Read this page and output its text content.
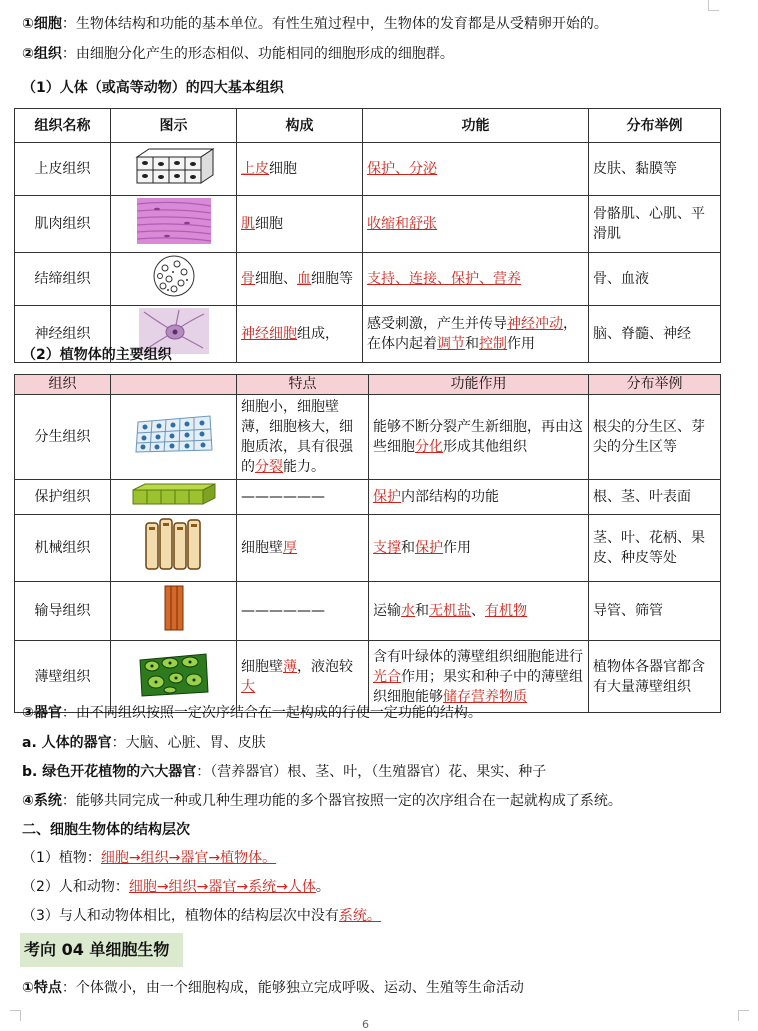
①细胞：生物体结构和功能的基本单位。有性生殖过程中，生物体的发育都是从受精卵开始的。
②组织：由细胞分化产生的形态相似、功能相同的细胞形成的细胞群。
（1）人体（或高等动物）的四大基本组织
组织名称	图示	构成	功能	分布举例
上皮组织		上皮细胞	保护、分泌	皮肤、黏膜等
肌肉组织		肌细胞	收缩和舒张	骨骼肌、心肌、平滑肌
结缔组织		骨细胞、血细胞等	支持、连接、保护、营养	骨、血液
神经组织		神经细胞组成，	感受刺激，产生并传导神经冲动，在体内起着调节和控制作用	脑、脊髓、神经
（2）植物体的主要组织
组织		特点	功能作用	分布举例
分生组织		细胞小，细胞壁薄，细胞核大，细胞质浓，具有很强的分裂能力。	能够不断分裂产生新细胞，再由这些细胞分化形成其他组织	根尖的分生区、芽尖的分生区等
保护组织		——————	保护内部结构的功能	根、茎、叶表面
机械组织		细胞壁厚	支撑和保护作用	茎、叶、花柄、果皮、种皮等处
输导组织		——————	运输水和无机盐、有机物	导管、筛管
薄壁组织		细胞壁薄，液泡较大	含有叶绿体的薄壁组织细胞能进行光合作用；果实和种子中的薄壁组织细胞能够储存营养物质	植物体各器官都含有大量薄壁组织
③器官：由不同组织按照一定次序结合在一起构成的行使一定功能的结构。
a. 人体的器官：大脑、心脏、胃、皮肤
b. 绿色开花植物的六大器官：（营养器官）根、茎、叶，（生殖器官）花、果实、种子
④系统：能够共同完成一种或几种生理功能的多个器官按照一定的次序组合在一起就构成了系统。
二、细胞生物体的结构层次
（1）植物：细胞→组织→器官→植物体。
（2）人和动物：细胞→组织→器官→系统→人体。
（3）与人和动物体相比，植物体的结构层次中没有系统。
考向 04 单细胞生物
①特点：个体微小，由一个细胞构成，能够独立完成呼吸、运动、生殖等生命活动
6
